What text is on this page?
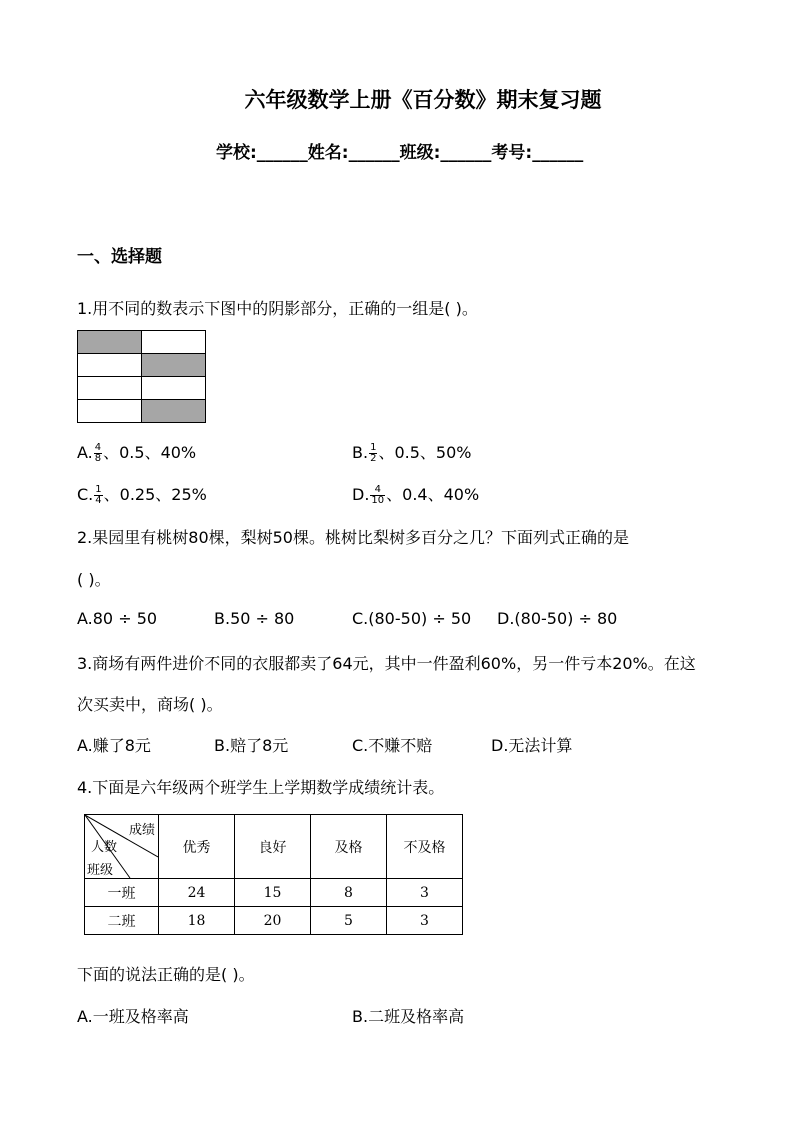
六年级数学上册《百分数》期末复习题
学校:______姓名:______班级:______考号:______
一、选择题
1.用不同的数表示下图中的阴影部分，正确的一组是( )。

A. $\frac{4}{8}$ 、0.5、40%	B. $\frac{1}{2}$ 、0.5、50%
C. $\frac{1}{4}$ 、0.25、25%	D. $\frac{4}{10}$ 、0.4、40%
2.果园里有桃树80棵，梨树50棵。桃树比梨树多百分之几？下面列式正确的是
( )。
A.80 ÷ 50	B.50 ÷ 80	C.(80-50) ÷ 50 D.(80-50) ÷ 80
3.商场有两件进价不同的衣服都卖了64元，其中一件盈利60%，另一件亏本20%。在这
次买卖中，商场( )。
A.赚了8元	B.赔了8元	C.不赚不赔	D.无法计算
4.下面是六年级两个班学生上学期数学成绩统计表。
成绩
人数
班级	优秀	良好	及格	不及格
一班	24	15	8	3
二班	18	20	5	3
下面的说法正确的是( )。
A.一班及格率高	B.二班及格率高
